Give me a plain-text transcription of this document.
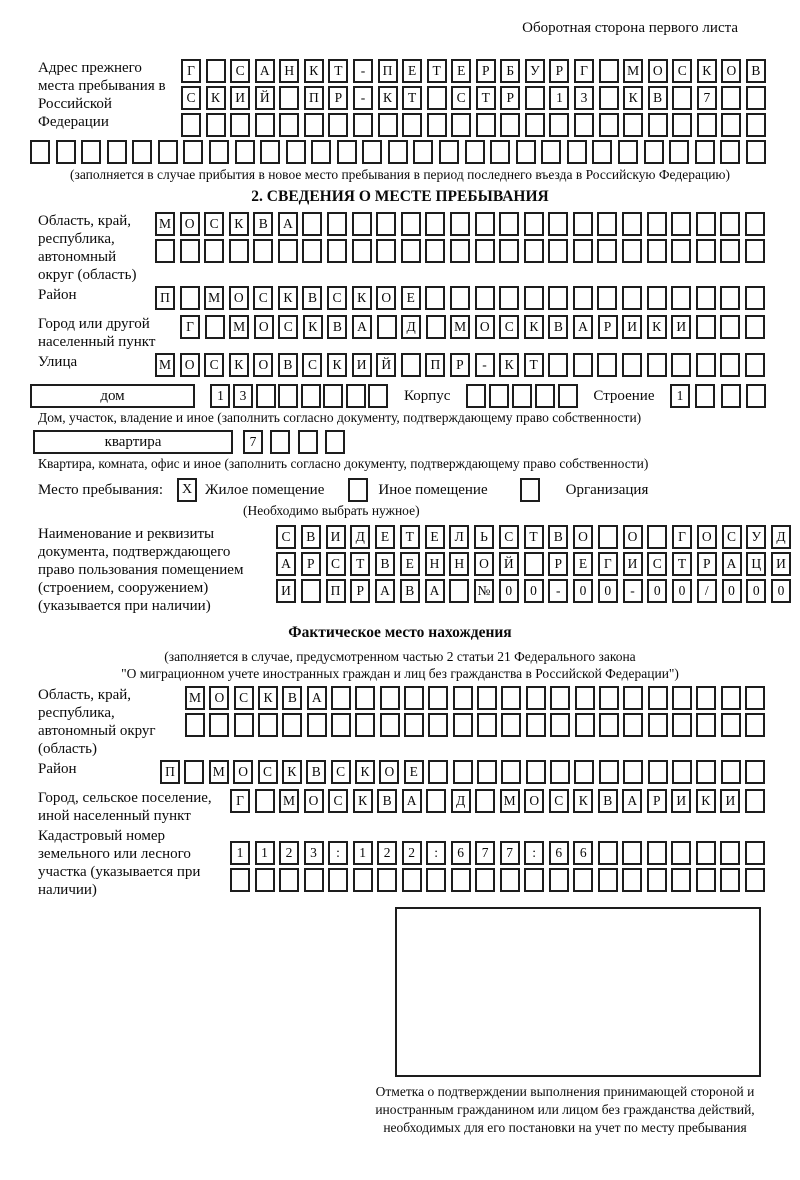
Оборотная сторона первого листа
Адрес прежнего места пребывания в Российской Федерации
Г	С	А	Н	К	Т	-	П	Е	Т	Е	Р	Б	У	Р	Г	М	О	С	К	О	В
С	К	И	Й	П	Р	-	К	Т	С	Т	Р	1	3	К	В	7
(заполняется в случае прибытия в новое место пребывания в период последнего въезда в Российскую Федерацию)
2. СВЕДЕНИЯ О МЕСТЕ ПРЕБЫВАНИЯ
Область, край, республика, автономный округ (область)
М	О	С	К	В	А
Район	П	М	О	С	К	В	С	К	О	Е
Город или другой населенный пункт
Г	М	О	С	К	В	А	Д	М	О	С	К	В	А	Р	И	К	И
Улица	М	О	С	К	О	В	С	К	И	Й	П	Р	-	К	Т
дом	1	3	Корпус	Строение	1
Дом, участок, владение и иное (заполнить согласно документу, подтверждающему право собственности)
квартира	7
Квартира, комната, офис и иное (заполнить согласно документу, подтверждающему право собственности)
Место пребывания:	X Жилое помещение	Иное помещение	Организация
(Необходимо выбрать нужное)
Наименование и реквизиты документа, подтверждающего право пользования помещением (строением, сооружением) (указывается при наличии)
С	В	И	Д	Е	Т	Е	Л	Ь	С	Т	В	О	О	Г	О	С	У	Д
А	Р	С	Т	В	Е	Н	Н	О	Й	Р	Е	Г	И	С	Т	Р	А	Ц	И
И	П	Р	А	В	А	№	0	0	-	0	0	-	0	0	/	0	0	0
Фактическое место нахождения
(заполняется в случае, предусмотренном частью 2 статьи 21 Федерального закона
"О миграционном учете иностранных граждан и лиц без гражданства в Российской Федерации")
Область, край, республика, автономный округ (область)
М О	С	К	В	А
Район	П	М	О	С	К	В	С	К	О	Е
Город, сельское поселение, иной населенный пункт
Г	М	О	С	К	В	А	Д	М	О	С	К	В	А	Р	И	К	И
Кадастровый номер земельного или лесного участка (указывается при наличии)
1	1	2	3	:	1	2	2	:	6	7	7	:	6	6
Отметка о подтверждении выполнения принимающей стороной и иностранным гражданином или лицом без гражданства действий, необходимых для его постановки на учет по месту пребывания
